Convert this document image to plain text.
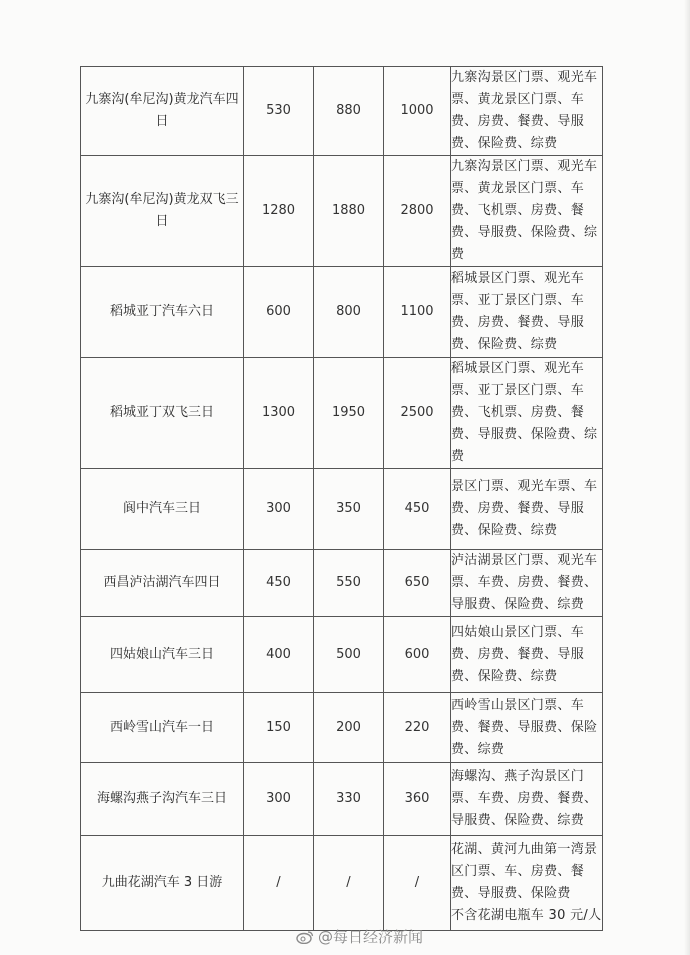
九寨沟(牟尼沟)黄龙汽车四日	530	880	1000	九寨沟景区门票、观光车票、黄龙景区门票、车费、房费、餐费、导服费、保险费、综费
九寨沟(牟尼沟)黄龙双飞三日	1280	1880	2800	九寨沟景区门票、观光车票、黄龙景区门票、车费、飞机票、房费、餐费、导服费、保险费、综费
稻城亚丁汽车六日	600	800	1100	稻城景区门票、观光车票、亚丁景区门票、车费、房费、餐费、导服费、保险费、综费
稻城亚丁双飞三日	1300	1950	2500	稻城景区门票、观光车票、亚丁景区门票、车费、飞机票、房费、餐费、导服费、保险费、综费
阆中汽车三日	300	350	450	景区门票、观光车票、车费、房费、餐费、导服费、保险费、综费
西昌泸沽湖汽车四日	450	550	650	泸沽湖景区门票、观光车票、车费、房费、餐费、导服费、保险费、综费
四姑娘山汽车三日	400	500	600	四姑娘山景区门票、车费、房费、餐费、导服费、保险费、综费
西岭雪山汽车一日	150	200	220	西岭雪山景区门票、车费、餐费、导服费、保险费、综费
海螺沟燕子沟汽车三日	300	330	360	海螺沟、燕子沟景区门票、车费、房费、餐费、导服费、保险费、综费
九曲花湖汽车 3 日游	/	/	/	花湖、黄河九曲第一湾景区门票、车、房费、餐费、导服费、保险费
不含花湖电瓶车 30 元/人
@每日经济新闻
